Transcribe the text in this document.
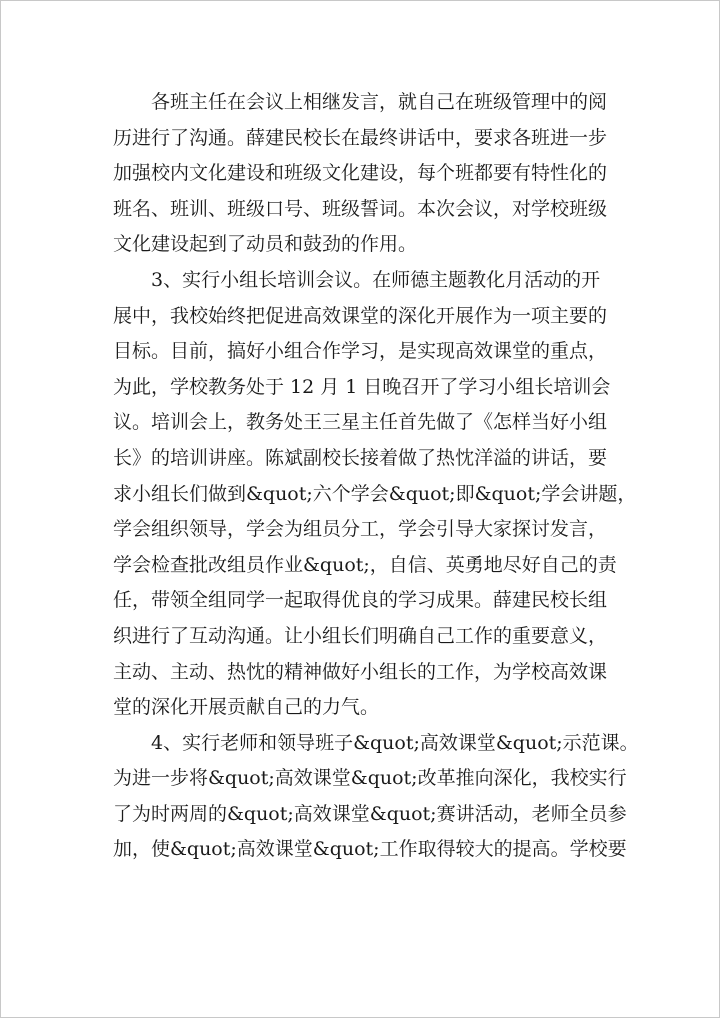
各班主任在会议上相继发言，就自己在班级管理中的阅
历进行了沟通。薛建民校长在最终讲话中，要求各班进一步
加强校内文化建设和班级文化建设，每个班都要有特性化的
班名、班训、班级口号、班级誓词。本次会议，对学校班级
文化建设起到了动员和鼓劲的作用。
3、实行小组长培训会议。在师德主题教化月活动的开
展中，我校始终把促进高效课堂的深化开展作为一项主要的
目标。目前，搞好小组合作学习，是实现高效课堂的重点，
为此，学校教务处于 12 月 1 日晚召开了学习小组长培训会
议。培训会上，教务处王三星主任首先做了《怎样当好小组
长》的培训讲座。陈斌副校长接着做了热忱洋溢的讲话，要
求小组长们做到&quot;六个学会&quot;即&quot;学会讲题，
学会组织领导，学会为组员分工，学会引导大家探讨发言，
学会检查批改组员作业&quot;，自信、英勇地尽好自己的责
任，带领全组同学一起取得优良的学习成果。薛建民校长组
织进行了互动沟通。让小组长们明确自己工作的重要意义，
主动、主动、热忱的精神做好小组长的工作，为学校高效课
堂的深化开展贡献自己的力气。
4、实行老师和领导班子&quot;高效课堂&quot;示范课。
为进一步将&quot;高效课堂&quot;改革推向深化，我校实行
了为时两周的&quot;高效课堂&quot;赛讲活动，老师全员参
加，使&quot;高效课堂&quot;工作取得较大的提高。学校要
